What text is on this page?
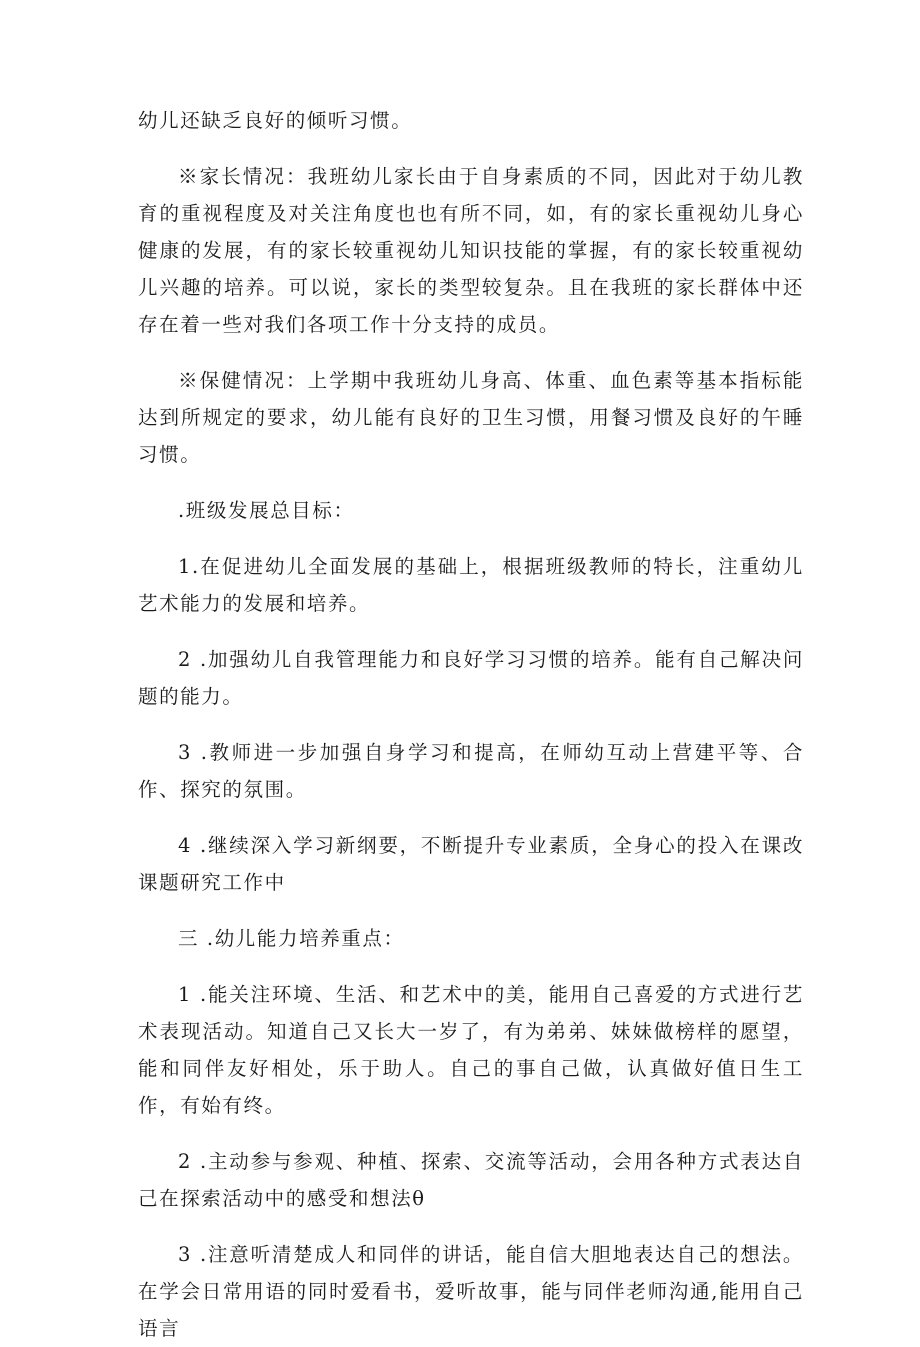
幼儿还缺乏良好的倾听习惯。

※家长情况：我班幼儿家长由于自身素质的不同，因此对于幼儿教育的重视程度及对关注角度也也有所不同，如，有的家长重视幼儿身心健康的发展，有的家长较重视幼儿知识技能的掌握，有的家长较重视幼儿兴趣的培养。可以说，家长的类型较复杂。且在我班的家长群体中还存在着一些对我们各项工作十分支持的成员。

※保健情况：上学期中我班幼儿身高、体重、血色素等基本指标能达到所规定的要求，幼儿能有良好的卫生习惯，用餐习惯及良好的午睡习惯。

.班级发展总目标：

1.在促进幼儿全面发展的基础上，根据班级教师的特长，注重幼儿艺术能力的发展和培养。

2 .加强幼儿自我管理能力和良好学习习惯的培养。能有自己解决问题的能力。

3 .教师进一步加强自身学习和提高，在师幼互动上营建平等、合作、探究的氛围。

4 .继续深入学习新纲要，不断提升专业素质，全身心的投入在课改课题研究工作中

三 .幼儿能力培养重点：

1 .能关注环境、生活、和艺术中的美，能用自己喜爱的方式进行艺术表现活动。知道自己又长大一岁了，有为弟弟、妹妹做榜样的愿望，能和同伴友好相处，乐于助人。自己的事自己做，认真做好值日生工作，有始有终。

2 .主动参与参观、种植、探索、交流等活动，会用各种方式表达自己在探索活动中的感受和想法θ

3 .注意听清楚成人和同伴的讲话，能自信大胆地表达自己的想法。在学会日常用语的同时爱看书，爱听故事，能与同伴老师沟通,能用自己语言
